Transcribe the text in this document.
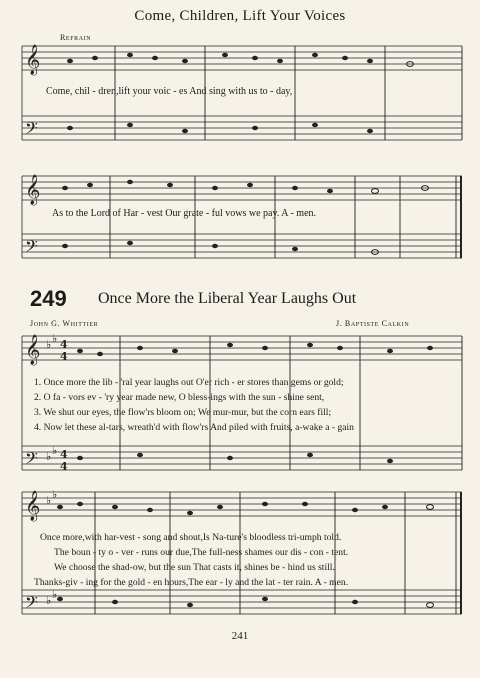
𝄞
𝄢
𝄞
𝄢
𝄞
𝄢
𝄞
𝄢
♭ ♭ 4
4
♭ ♭ 4
4
♭ ♭
♭ ♭
Come, Children, Lift Your Voices
Refrain
Come, chil - dren,lift your voic - es And sing with us to - day,
As to the Lord of Har - vest Our grate - ful vows we pay. A - men.
249 Once More the Liberal Year Laughs Out
John G. Whittier	J. Baptiste Calkin
1. Once more the lib - 'ral year laughs out O'er rich - er stores than gems or gold;
2. O fa - vors ev - 'ry year made new, O bless-ings with the sun - shine sent,
3. We shut our eyes, the flow'rs bloom on; We mur-mur, but the corn ears fill;
4. Now let these al-tars, wreath'd with flow'rs And piled with fruits, a-wake a - gain
Once more,with har-vest - song and shout,Is Na-ture's bloodless tri-umph told.
The boun - ty o - ver - runs our due,The full-ness shames our dis - con - tent.
We choose the shad-ow, but the sun That casts it, shines be - hind us still.
Thanks-giv - ing for the gold - en hours,The ear - ly and the lat - ter rain. A - men.
241
